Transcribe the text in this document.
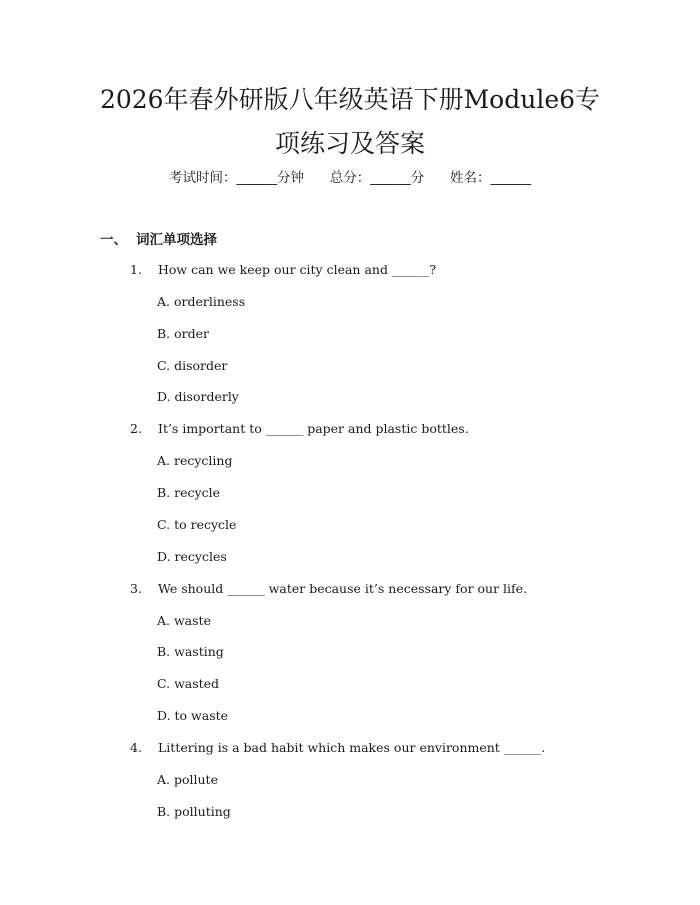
2026年春外研版八年级英语下册Module6专
项练习及答案
考试时间：______分钟      总分：______分      姓名：______
一、 词汇单项选择
1. How can we keep our city clean and ______?
A. orderliness
B. order
C. disorder
D. disorderly
2. It’s important to ______ paper and plastic bottles.
A. recycling
B. recycle
C. to recycle
D. recycles
3. We should ______ water because it’s necessary for our life.
A. waste
B. wasting
C. wasted
D. to waste
4. Littering is a bad habit which makes our environment ______.
A. pollute
B. polluting
